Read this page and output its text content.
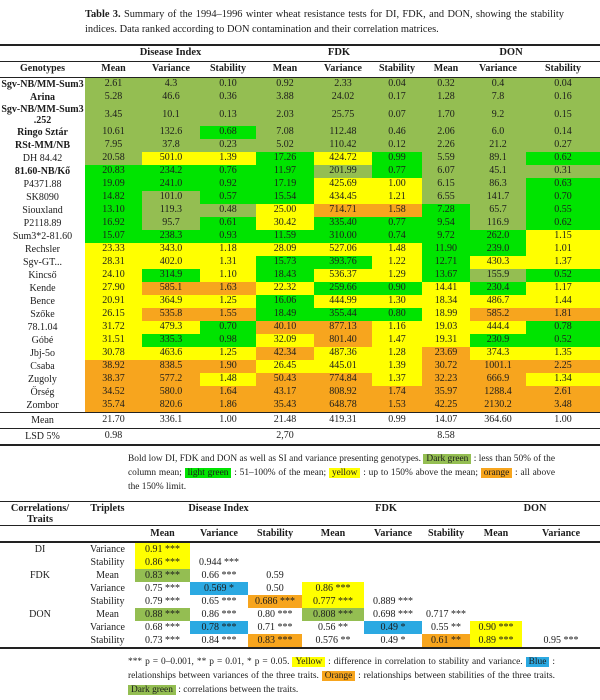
Table 3. Summary of the 1994–1996 winter wheat resistance tests for DI, FDK, and DON, showing the stability indices. Data ranked according to DON contamination and their correlation matrices.
	Disease Index			FDK			DON		
Genotypes	Mean	Variance	Stability	Mean	Variance	Stability	Mean	Variance	Stability
Sgv-NB/MM-Sum3	2.61	4.3	0.10	0.92	2.33	0.04	0.32	0.4	0.04
Arina	5.28	46.6	0.36	3.88	24.02	0.17	1.28	7.8	0.16
Sgv-NB/MM-Sum3 .252	3.45	10.1	0.13	2.03	25.75	0.07	1.70	9.2	0.15
Ringo Sztár	10.61	132.6	0.68	7.08	112.48	0.46	2.06	6.0	0.14
RSt-MM/NB	7.95	37.8	0.23	5.02	110.42	0.12	2.26	21.2	0.27
DH 84.42	20.58	501.0	1.39	17.26	424.72	0.99	5.59	89.1	0.62
81.60-NB/Kő	20.83	234.2	0.76	11.97	201.99	0.77	6.07	45.1	0.31
P4371.88	19.09	241.0	0.92	17.19	425.69	1.00	6.15	86.3	0.63
SK8090	14.82	101.0	0.57	15.54	434.45	1.21	6.55	141.7	0.70
Siouxland	13.10	119.3	0.48	25.00	714.71	1.58	7.28	65.7	0.55
P2118.89	16.92	95.7	0.61	30.42	335.40	0.77	9.54	116.9	0.62
Sum3*2-81.60	15.07	238.3	0.93	11.59	310.00	0.74	9.72	262.0	1.15
Rechsler	23.33	343.0	1.18	28.09	527.06	1.48	11.90	239.0	1.01
Sgv-GT...	28.31	402.0	1.31	15.73	393.76	1.22	12.71	430.3	1.37
Kincső	24.10	314.9	1.10	18.43	536.37	1.29	13.67	155.9	0.52
Kende	27.90	585.1	1.63	22.32	259.66	0.90	14.41	230.4	1.17
Bence	20.91	364.9	1.25	16.06	444.99	1.30	18.34	486.7	1.44
Szőke	26.15	535.8	1.55	18.49	355.44	0.80	18.99	585.2	1.81
78.1.04	31.72	479.3	0.70	40.10	877.13	1.16	19.03	444.4	0.78
Góbé	31.51	335.3	0.98	32.09	801.40	1.47	19.31	230.9	0.52
Jbj-5o	30.78	463.6	1.25	42.34	487.36	1.28	23.69	374.3	1.35
Csaba	38.92	838.5	1.90	26.45	445.01	1.39	30.72	1001.1	2.25
Zugoly	38.37	577.2	1.48	50.43	774.84	1.37	32.23	666.9	1.34
Őrség	34.52	580.0	1.64	43.17	808.92	1.74	35.97	1288.4	2.61
Zombor	35.74	820.6	1.86	35.43	648.78	1.53	42.25	2130.2	3.48
Mean	21.70	336.1	1.00	21.48	419.31	0.99	14.07	364.60	1.00
LSD 5%	0.98			2,70			8.58		
Bold low DI, FDK and DON as well as SI and variance presenting genotypes. Dark green : less than 50% of the column mean; light green : 51–100% of the mean; yellow : up to 150% above the mean; orange : all above the 150% limit.
Correlations/ Traits	Triplets	Disease Index			FDK			DON	
		Mean	Variance	Stability	Mean	Variance	Stability	Mean	Variance
DI	Variance	0.91 ***							
	Stability	0.86 ***	0.944 ***						
FDK	Mean	0.83 ***	0.66 ***	0.59					
	Variance	0.75 ***	0.569 *	0.50	0.86 ***				
	Stability	0.79 ***	0.65 ***	0.686 ***	0.777 ***	0.889 ***			
DON	Mean	0.88 ***	0.86 ***	0.80 ***	0.808 ***	0.698 ***	0.717 ***		
	Variance	0.68 ***	0.78 ***	0.71 ***	0.56 **	0.49 *	0.55 **	0.90 ***	
	Stability	0.73 ***	0.84 ***	0.83 ***	0.576 **	0.49 *	0.61 **	0.89 ***	0.95 ***
*** p = 0–0.001, ** p = 0.01, * p = 0.05. Yellow : difference in correlation to stability and variance. Blue : relationships between variances of the three traits. Orange : relationships between stabilities of the three traits. Dark green : correlations between the traits.
